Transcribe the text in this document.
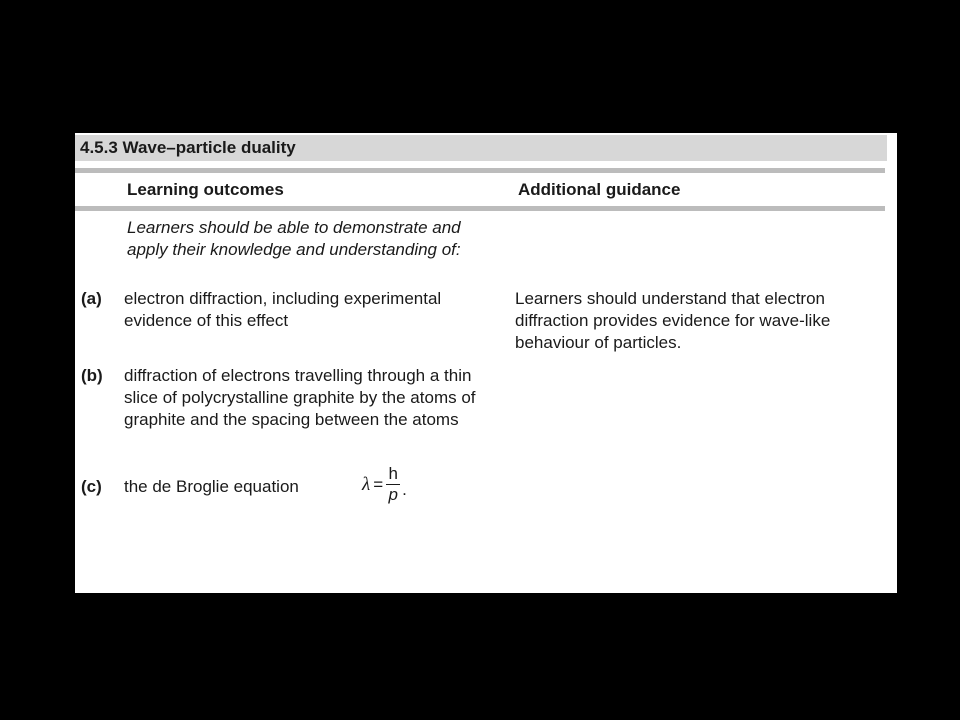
4.5.3 Wave–particle duality
Learning outcomes	Additional guidance
Learners should be able to demonstrate and apply their knowledge and understanding of:
(a) electron diffraction, including experimental evidence of this effect
Learners should understand that electron diffraction provides evidence for wave-like behaviour of particles.
(b) diffraction of electrons travelling through a thin slice of polycrystalline graphite by the atoms of graphite and the spacing between the atoms
(c) the de Broglie equation	$\lambda = \frac{h}{p}$ .
